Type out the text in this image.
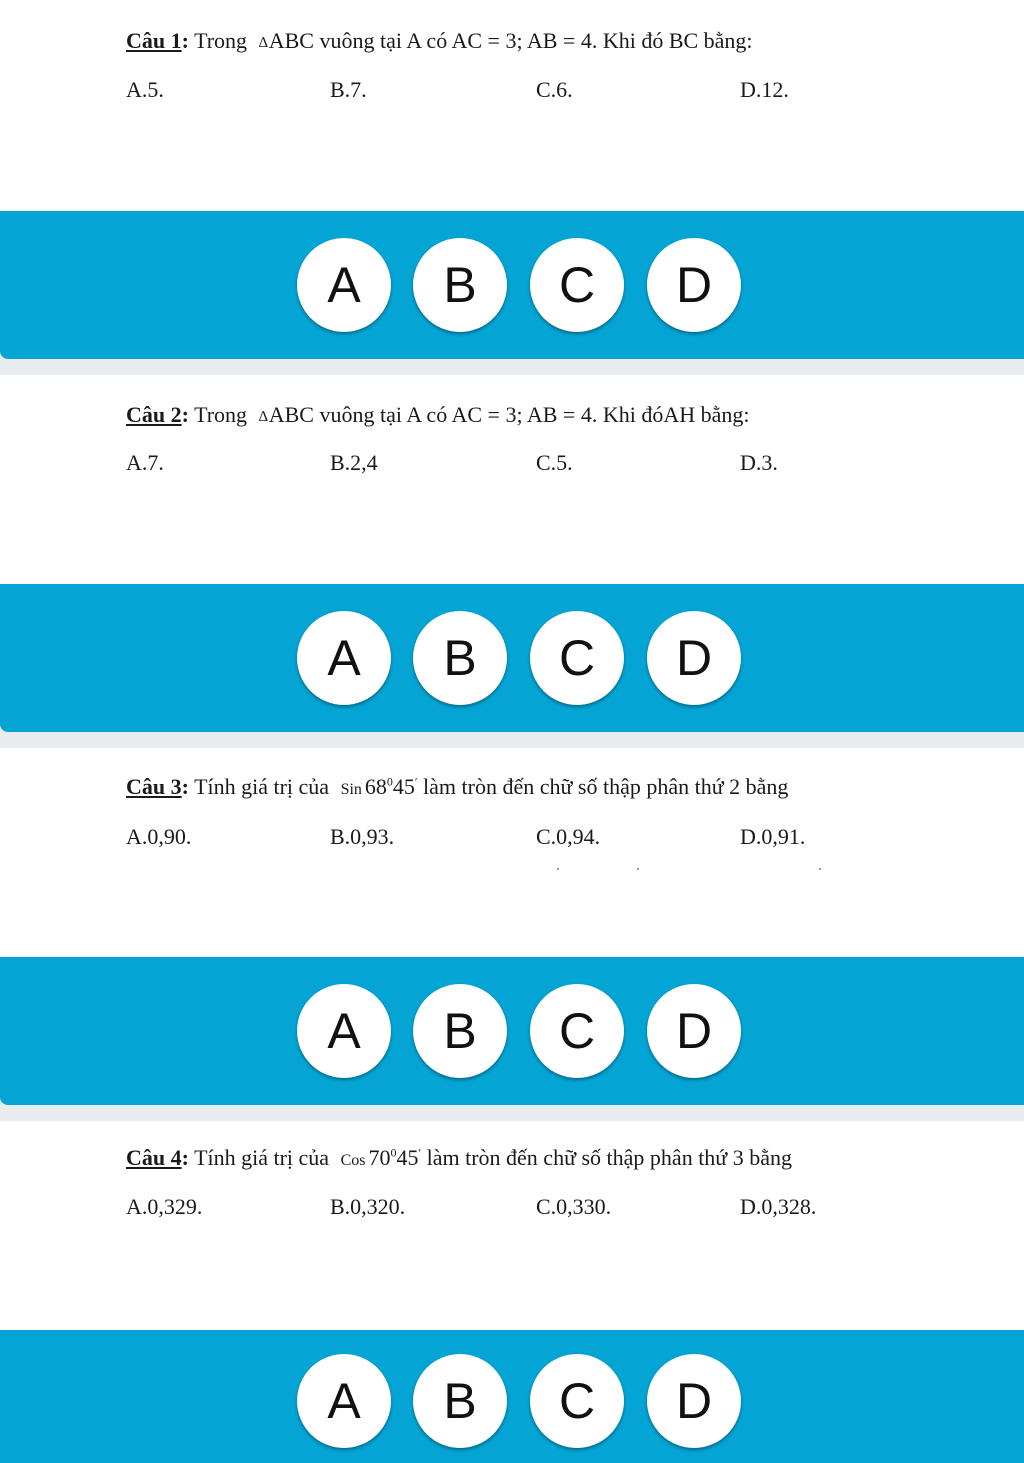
Câu 1: Trong ∆ABC vuông tại A có AC = 3; AB = 4. Khi đó BC bằng:
A.5.	B.7.	C.6.	D.12.
A	B	C	D
Câu 2: Trong ∆ABC vuông tại A có AC = 3; AB = 4. Khi đóAH bằng:
A.7.	B.2,4	C.5.	D.3.
A	B	C	D
Câu 3: Tính giá trị của Sin $68^045'$ làm tròn đến chữ số thập phân thứ 2 bằng
A.0,90.	B.0,93.	C.0,94.	D.0,91.
A	B	C	D
Câu 4: Tính giá trị của Cos $70^045'$ làm tròn đến chữ số thập phân thứ 3 bằng
A.0,329.	B.0,320.	C.0,330.	D.0,328.
A	B	C	D
